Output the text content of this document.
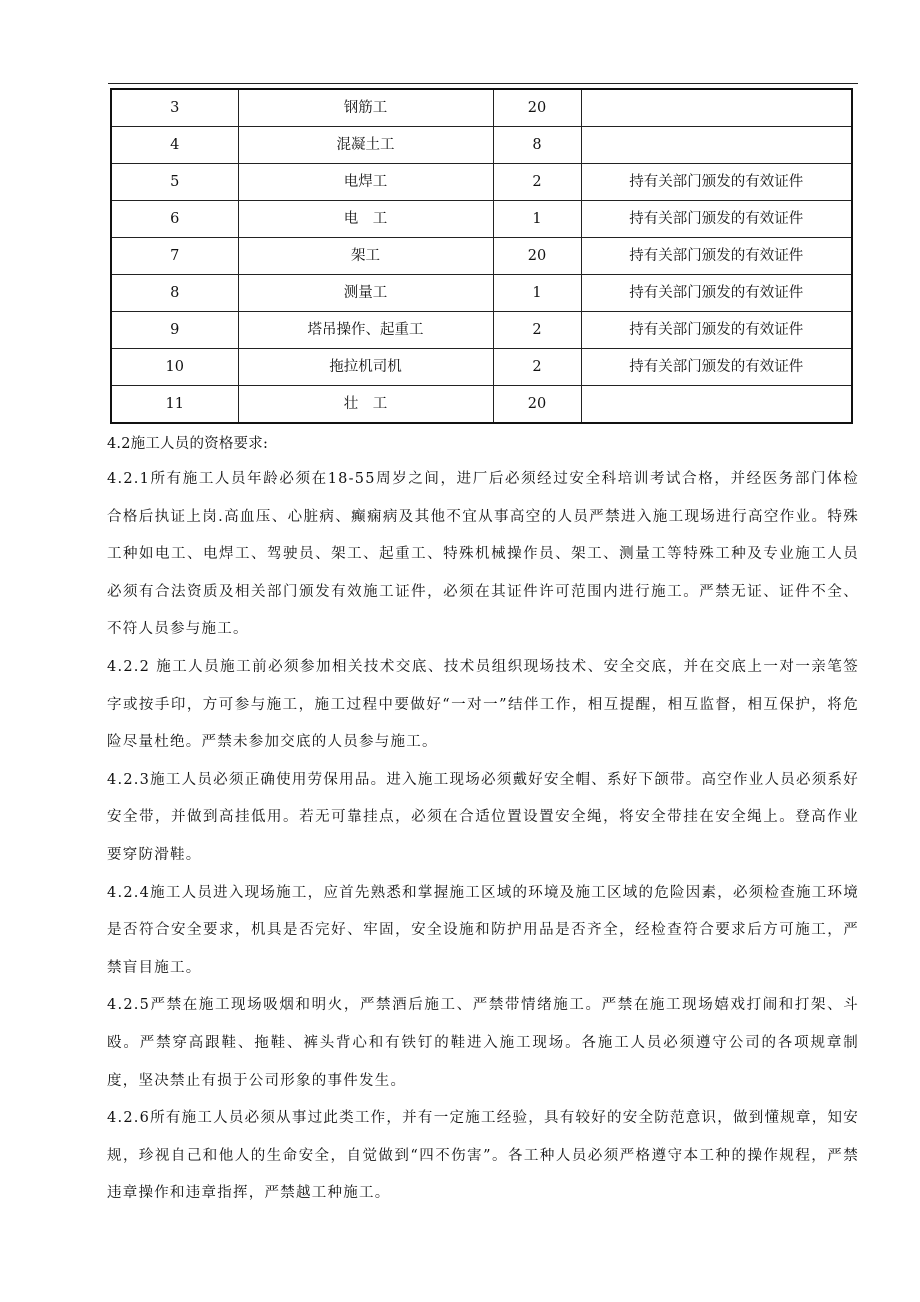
3	钢筋工	20	
4	混凝土工	8	
5	电焊工	2	持有关部门颁发的有效证件
6	电　工	1	持有关部门颁发的有效证件
7	架工	20	持有关部门颁发的有效证件
8	测量工	1	持有关部门颁发的有效证件
9	塔吊操作、起重工	2	持有关部门颁发的有效证件
10	拖拉机司机	2	持有关部门颁发的有效证件
11	壮　工	20	

4.2施工人员的资格要求:

4.2.1所有施工人员年龄必须在18-55周岁之间，进厂后必须经过安全科培训考试合格，并经医务部门体检合格后执证上岗.高血压、心脏病、癫痫病及其他不宜从事高空的人员严禁进入施工现场进行高空作业。特殊工种如电工、电焊工、驾驶员、架工、起重工、特殊机械操作员、架工、测量工等特殊工种及专业施工人员必须有合法资质及相关部门颁发有效施工证件，必须在其证件许可范围内进行施工。严禁无证、证件不全、不符人员参与施工。

4.2.2 施工人员施工前必须参加相关技术交底、技术员组织现场技术、安全交底，并在交底上一对一亲笔签字或按手印，方可参与施工，施工过程中要做好“一对一”结伴工作，相互提醒，相互监督，相互保护，将危险尽量杜绝。严禁未参加交底的人员参与施工。

4.2.3施工人员必须正确使用劳保用品。进入施工现场必须戴好安全帽、系好下颌带。高空作业人员必须系好安全带，并做到高挂低用。若无可靠挂点，必须在合适位置设置安全绳，将安全带挂在安全绳上。登高作业要穿防滑鞋。

4.2.4施工人员进入现场施工，应首先熟悉和掌握施工区域的环境及施工区域的危险因素，必须检查施工环境是否符合安全要求，机具是否完好、牢固，安全设施和防护用品是否齐全，经检查符合要求后方可施工，严禁盲目施工。

4.2.5严禁在施工现场吸烟和明火，严禁酒后施工、严禁带情绪施工。严禁在施工现场嬉戏打闹和打架、斗殴。严禁穿高跟鞋、拖鞋、裤头背心和有铁钉的鞋进入施工现场。各施工人员必须遵守公司的各项规章制度，坚决禁止有损于公司形象的事件发生。

4.2.6所有施工人员必须从事过此类工作，并有一定施工经验，具有较好的安全防范意识，做到懂规章，知安规，珍视自己和他人的生命安全，自觉做到“四不伤害”。各工种人员必须严格遵守本工种的操作规程，严禁违章操作和违章指挥，严禁越工种施工。
